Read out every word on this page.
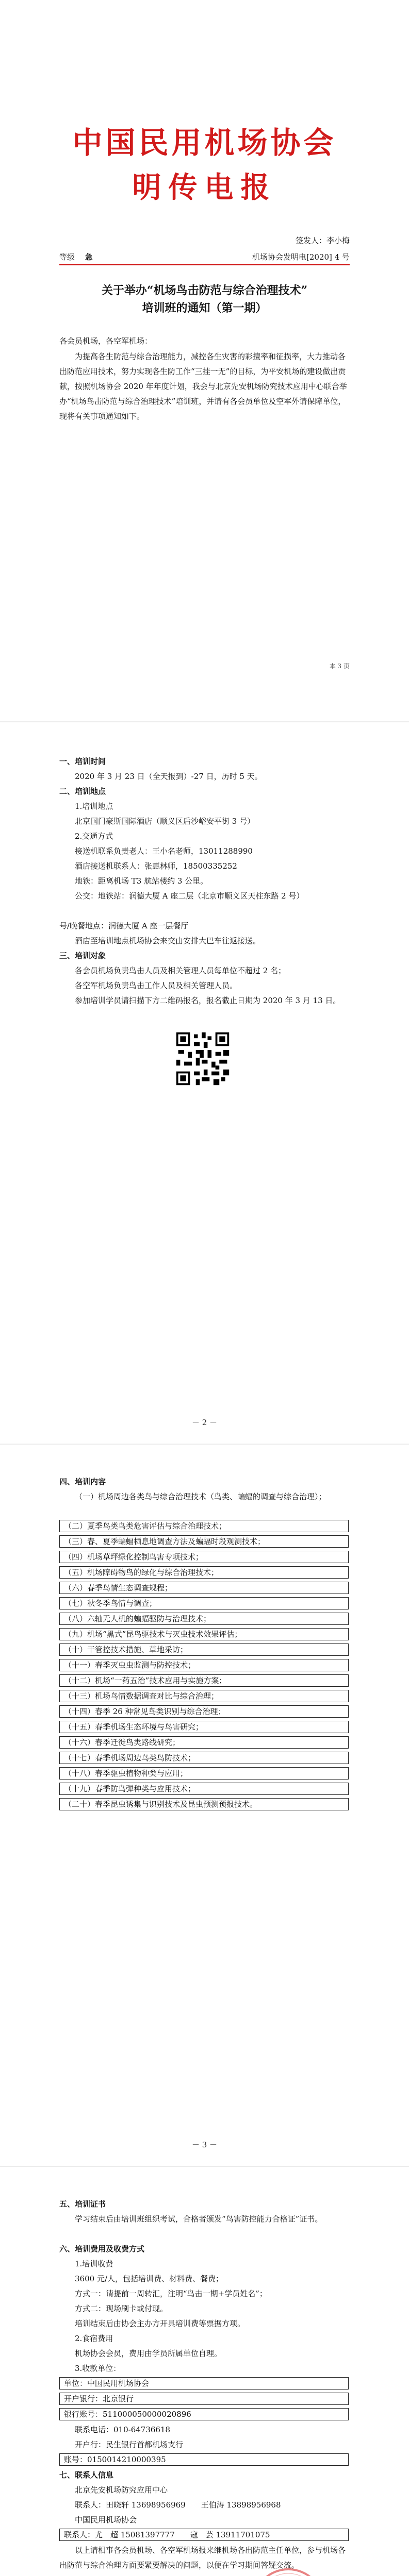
中国民用机场协会
明传电报
签发人：李小梅
等级　 急	机场协会发明电[2020] 4 号
关于举办“机场鸟击防范与综合治理技术”
培训班的通知（第一期）
各会员机场，各空军机场：
为提高各生防范与综合治理能力，减控各生灾害的彩擅率和征损率，大力推动各出防范应用技术，努力实现各生防工作“三挂一无”的目标，为平安机场的建设做出贡献，按照机场协会 2020 年年度计划，我会与北京先安机场防究技术应用中心联合举办“机场鸟击防范与综合治理技术”培训班，并请有各会员单位及空军外请保障单位，现将有关事项通知如下。
本 3 页
一、培训时间
2020 年 3 月 23 日（全天报到）-27 日，历时 5 天。
二、培训地点
1.培训地点
北京国门豪斯国际酒店（顺义区后沙峪安平街 3 号）
2.交通方式
接送机联系负责老人：王小名老师，13011288990
酒店接送机联系人：张惠林师，18500335252
地铁：距离机场 T3 航站楼约 3 公里。
公交：地铁站：润德大厦 A 座二层（北京市顺义区天柱东路 2 号）
号/晚餐地点：润德大厦 A 座一层餐厅
酒店至培训地点机场协会来交由安排大巴车往返接送。
三、培训对象
各会员机场负责鸟击人员及相关管理人员每单位不超过 2 名；
各空军机场负责鸟击工作人员及相关管理人员。
参加培训学员请扫描下方二维码报名，报名截止日期为 2020 年 3 月 13 日。
－ 2 －
四、培训内容
（一）机场周边各类鸟与综合治理技术（鸟类、蝙蝠的调查与综合治理）；
（二）夏季鸟类鸟类危害评估与综合治理技术；
（三）春、夏季蝙蝠栖息地调查方法及蝙蝠时段观测技术；
（四）机场草坪绿化控制鸟害专项技术；
（五）机场障碍物鸟的绿化与综合治理技术；
（六）春季鸟情生态调查规程；
（七）秋冬季鸟情与调查；
（八）六轴无人机的蝙蝠驱防与治理技术；
（九）机场“黑式”昆鸟驱技术与灭虫技术效果评估；
（十）干管控技术措施、草地采访；
（十一）春季灭虫虫监测与防控技术；
（十二）机场“一药五治”技术应用与实施方案；
（十三）机场鸟情数据调查对比与综合治理；
（十四）春季 26 种常见鸟类识别与综合治理；
（十五）春季机场生态环境与鸟害研究；
（十六）春季迁徙鸟类路线研究；
（十七）春季机场周边鸟类鸟防技术；
（十八）春季驱虫植物种类与应用；
（十九）春季防鸟弹种类与应用技术；
（二十）春季昆虫诱集与识别技术及昆虫预测预报技术。
－ 3 －
五、培训证书
学习结束后由培训班组织考试，合格者颁发“鸟害防控能力合格证”证书。
六、培训费用及收费方式
1.培训收费
3600 元/人，包括培训费、材料费、餐费；
方式一：请提前一周转汇，注明“鸟击一期+学员姓名”；
方式二：现场刷卡或付现。
培训结束后由协会主办方开具培训费等票据方项。
2.食宿费用
机场协会会员，费用由学员所属单位自理。
3.收款单位：
单位：中国民用机场协会
开户银行：北京银行
银行账号：511000050000020896
联系电话：010-64736618
开户行：民生银行首都机场支行
账号：0150014210000395
七、联系人信息
北京先安机场防究应用中心
联系人：田晓轩 13698956969　　王伯涛 13898956968
中国民用机场协会
联系人：尤　超 15081397777　　寇　芸 13911701075
以上请相事各会员机场、各空军机场报来继机场各出防范主任单位，参与机场各出防范与综合治理方面要紧要解决的问题，以便在学习期间答疑交流。
